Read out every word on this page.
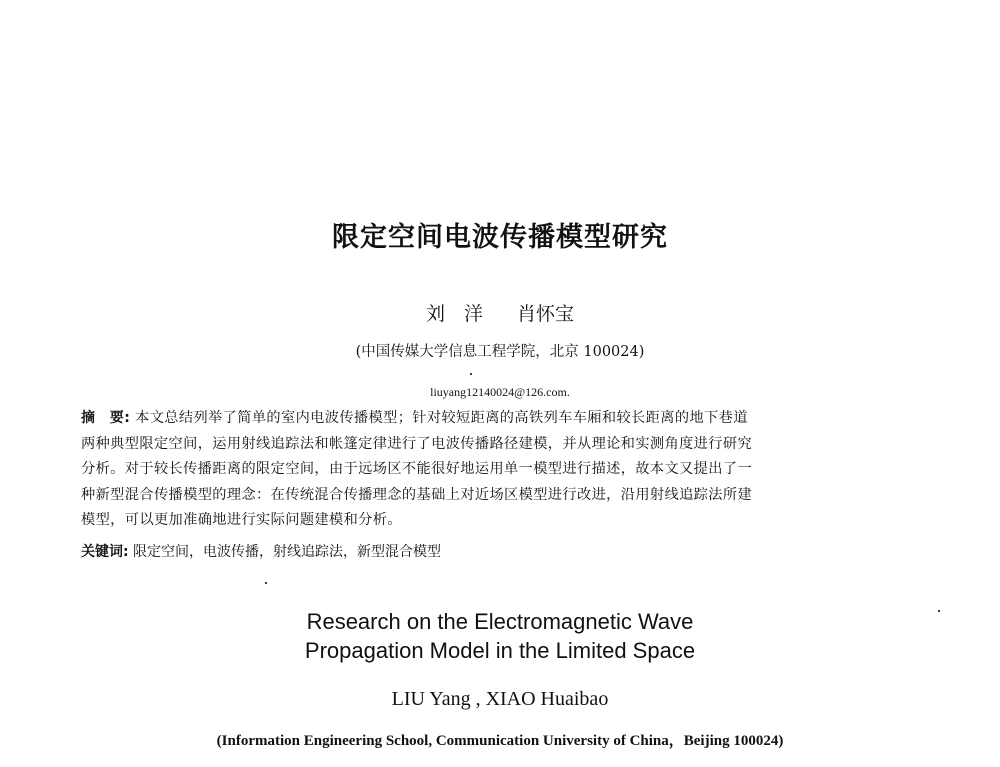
限定空间电波传播模型研究
刘　洋 肖怀宝
(中国传媒大学信息工程学院，北京 100024)
liuyang12140024@126.com.
摘　要: 本文总结列举了简单的室内电波传播模型；针对较短距离的高铁列车车厢和较长距离的地下巷道
两种典型限定空间，运用射线追踪法和帐篷定律进行了电波传播路径建模，并从理论和实测角度进行研究
分析。对于较长传播距离的限定空间，由于远场区不能很好地运用单一模型进行描述，故本文又提出了一
种新型混合传播模型的理念：在传统混合传播理念的基础上对近场区模型进行改进，沿用射线追踪法所建
模型，可以更加准确地进行实际问题建模和分析。
关键词: 限定空间，电波传播，射线追踪法，新型混合模型
Research on the Electromagnetic Wave
Propagation Model in the Limited Space
LIU Yang , XIAO Huaibao
(Information Engineering School, Communication University of China，Beijing 100024)
